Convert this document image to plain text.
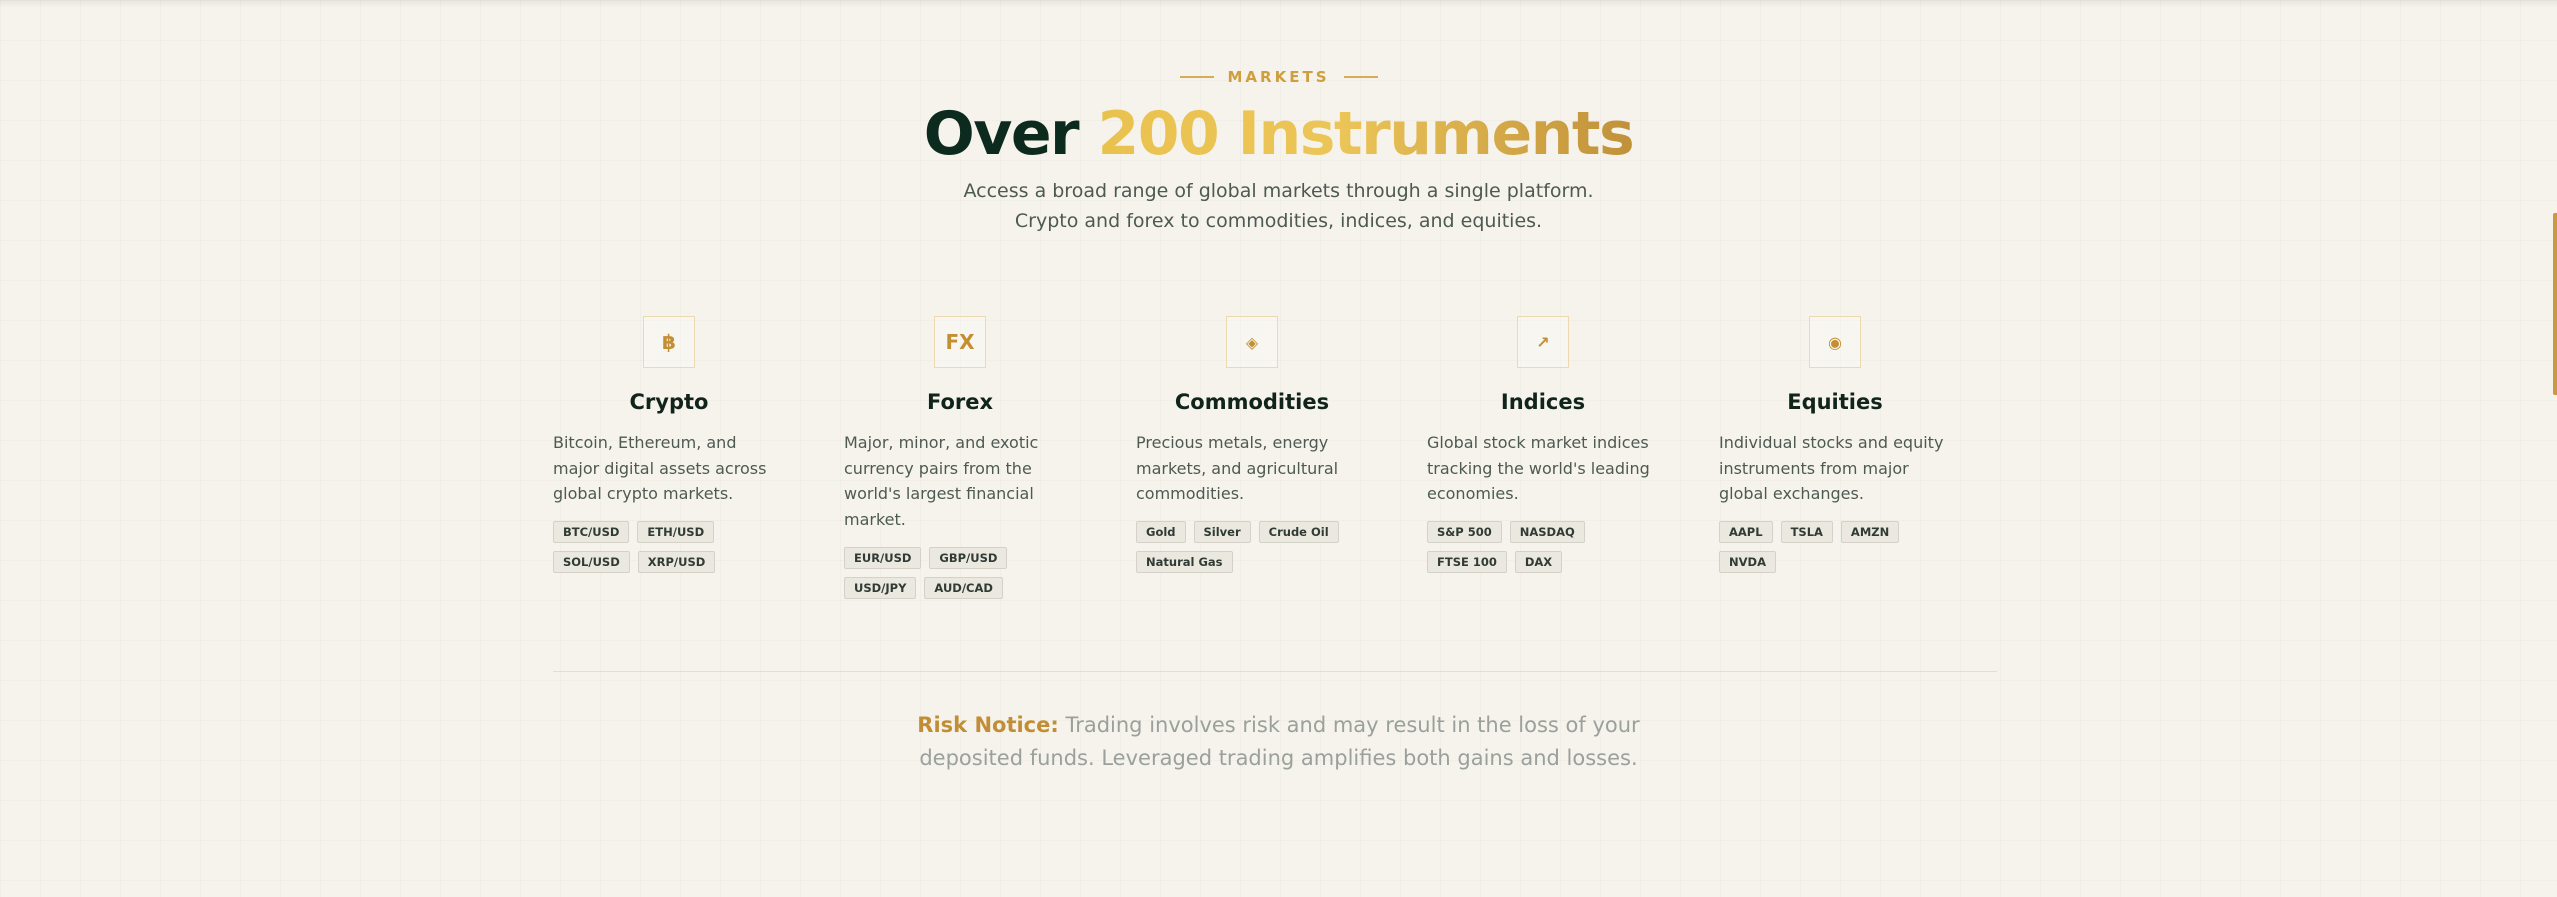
MARKETS
Over 200 Instruments

Access a broad range of global markets through a single platform. Crypto and forex to commodities, indices, and equities.

฿
Crypto
Bitcoin, Ethereum, and major digital assets across global crypto markets.
BTC/USD	ETH/USD
SOL/USD	XRP/USD
FX
Forex
Major, minor, and exotic currency pairs from the world's largest financial market.
EUR/USD	GBP/USD
USD/JPY	AUD/CAD
◈
Commodities
Precious metals, energy markets, and agricultural commodities.
Gold	Silver	Crude Oil
Natural Gas
↗
Indices
Global stock market indices tracking the world's leading economies.
S&P 500	NASDAQ
FTSE 100	DAX
◉
Equities
Individual stocks and equity instruments from major global exchanges.
AAPL	TSLA	AMZN
NVDA

Risk Notice: Trading involves risk and may result in the loss of your deposited funds. Leveraged trading amplifies both gains and losses.
